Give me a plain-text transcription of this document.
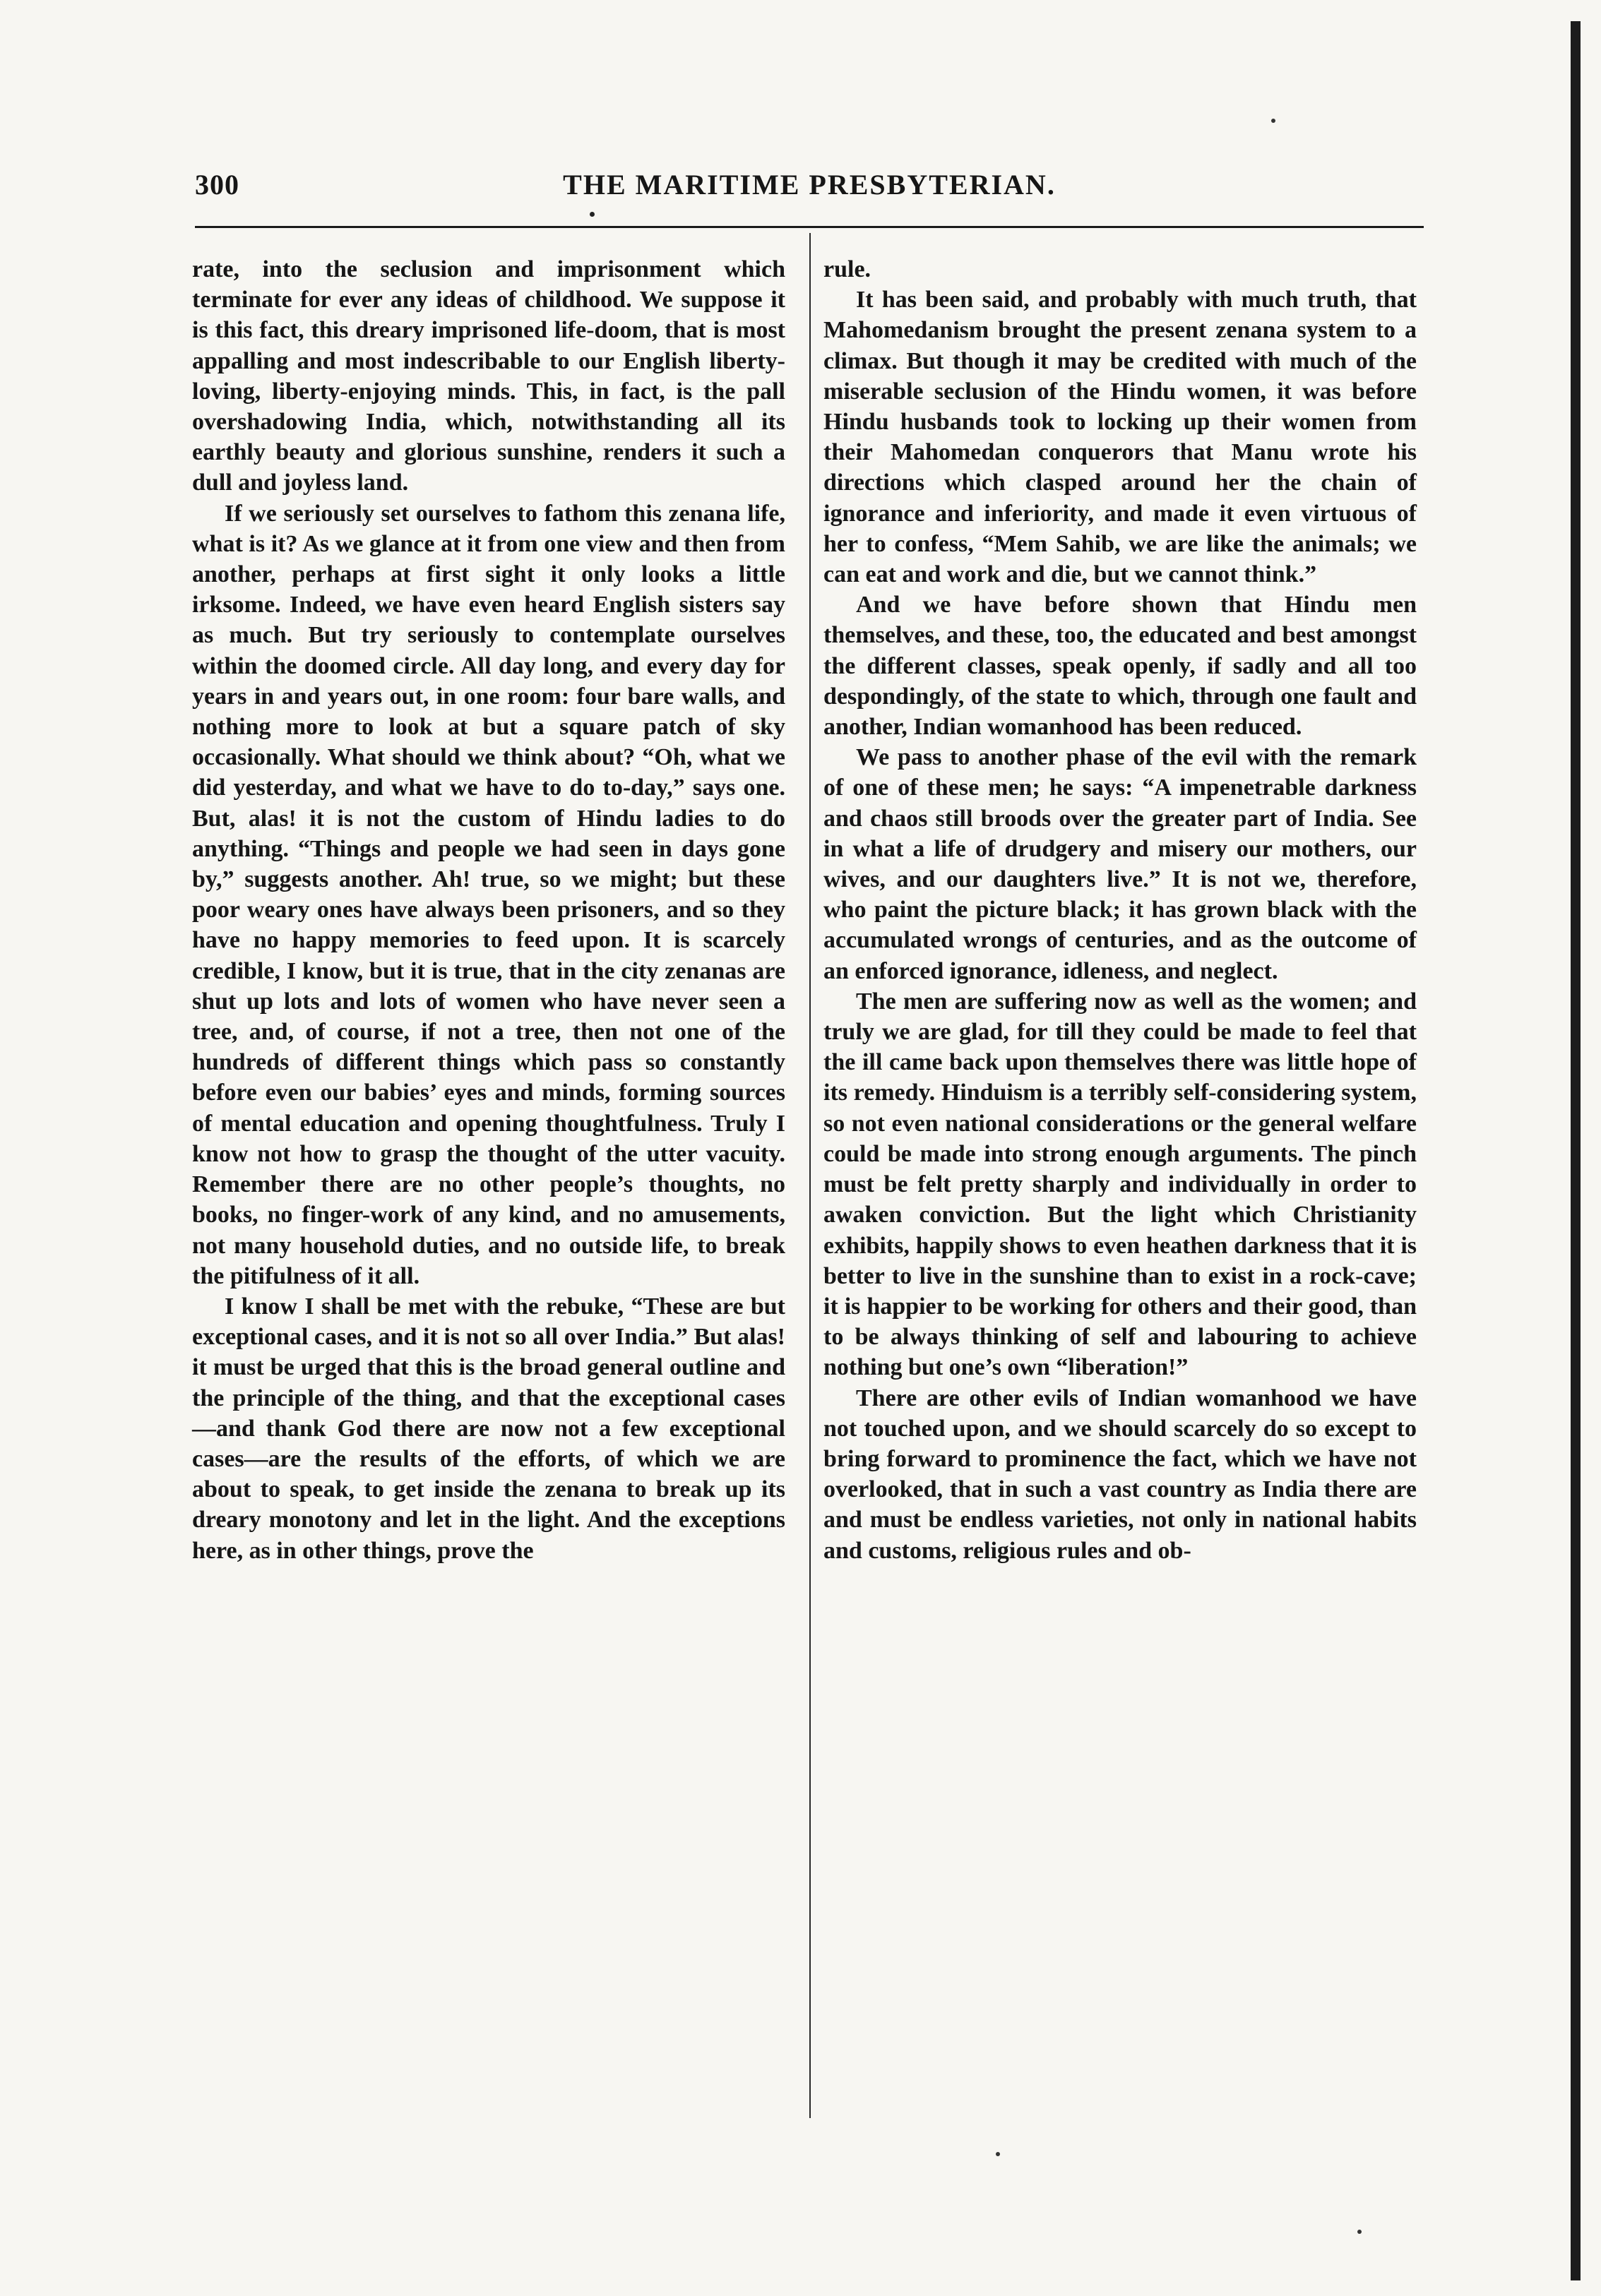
300	THE MARITIME PRESBYTERIAN.

rate, into the seclusion and imprisonment which terminate for ever any ideas of childhood. We suppose it is this fact, this dreary imprisoned life-doom, that is most appalling and most indescribable to our English liberty-loving, liberty-enjoying minds. This, in fact, is the pall overshadowing India, which, notwithstanding all its earthly beauty and glorious sunshine, renders it such a dull and joyless land.

If we seriously set ourselves to fathom this zenana life, what is it? As we glance at it from one view and then from another, perhaps at first sight it only looks a little irksome. Indeed, we have even heard English sisters say as much. But try seriously to contemplate ourselves within the doomed circle. All day long, and every day for years in and years out, in one room: four bare walls, and nothing more to look at but a square patch of sky occasionally. What should we think about? “Oh, what we did yesterday, and what we have to do to-day,” says one. But, alas! it is not the custom of Hindu ladies to do anything. “Things and people we had seen in days gone by,” suggests another. Ah! true, so we might; but these poor weary ones have always been prisoners, and so they have no happy memories to feed upon. It is scarcely credible, I know, but it is true, that in the city zenanas are shut up lots and lots of women who have never seen a tree, and, of course, if not a tree, then not one of the hundreds of different things which pass so constantly before even our babies’ eyes and minds, forming sources of mental education and opening thoughtfulness. Truly I know not how to grasp the thought of the utter vacuity. Remember there are no other people’s thoughts, no books, no finger-work of any kind, and no amusements, not many household duties, and no outside life, to break the pitifulness of it all.

I know I shall be met with the rebuke, “These are but exceptional cases, and it is not so all over India.” But alas! it must be urged that this is the broad general outline and the principle of the thing, and that the exceptional cases—and thank God there are now not a few exceptional cases—are the results of the efforts, of which we are about to speak, to get inside the zenana to break up its dreary monotony and let in the light. And the exceptions here, as in other things, prove the

rule.

It has been said, and probably with much truth, that Mahomedanism brought the present zenana system to a climax. But though it may be credited with much of the miserable seclusion of the Hindu women, it was before Hindu husbands took to locking up their women from their Mahomedan conquerors that Manu wrote his directions which clasped around her the chain of ignorance and inferiority, and made it even virtuous of her to confess, “Mem Sahib, we are like the animals; we can eat and work and die, but we cannot think.”

And we have before shown that Hindu men themselves, and these, too, the educated and best amongst the different classes, speak openly, if sadly and all too despondingly, of the state to which, through one fault and another, Indian womanhood has been reduced.

We pass to another phase of the evil with the remark of one of these men; he says: “A impenetrable darkness and chaos still broods over the greater part of India. See in what a life of drudgery and misery our mothers, our wives, and our daughters live.” It is not we, therefore, who paint the picture black; it has grown black with the accumulated wrongs of centuries, and as the outcome of an enforced ignorance, idleness, and neglect.

The men are suffering now as well as the women; and truly we are glad, for till they could be made to feel that the ill came back upon themselves there was little hope of its remedy. Hinduism is a terribly self-considering system, so not even national considerations or the general welfare could be made into strong enough arguments. The pinch must be felt pretty sharply and individually in order to awaken conviction. But the light which Christianity exhibits, happily shows to even heathen darkness that it is better to live in the sunshine than to exist in a rock-cave; it is happier to be working for others and their good, than to be always thinking of self and labouring to achieve nothing but one’s own “liberation!”

There are other evils of Indian womanhood we have not touched upon, and we should scarcely do so except to bring forward to prominence the fact, which we have not overlooked, that in such a vast country as India there are and must be endless varieties, not only in national habits and customs, religious rules and ob-
